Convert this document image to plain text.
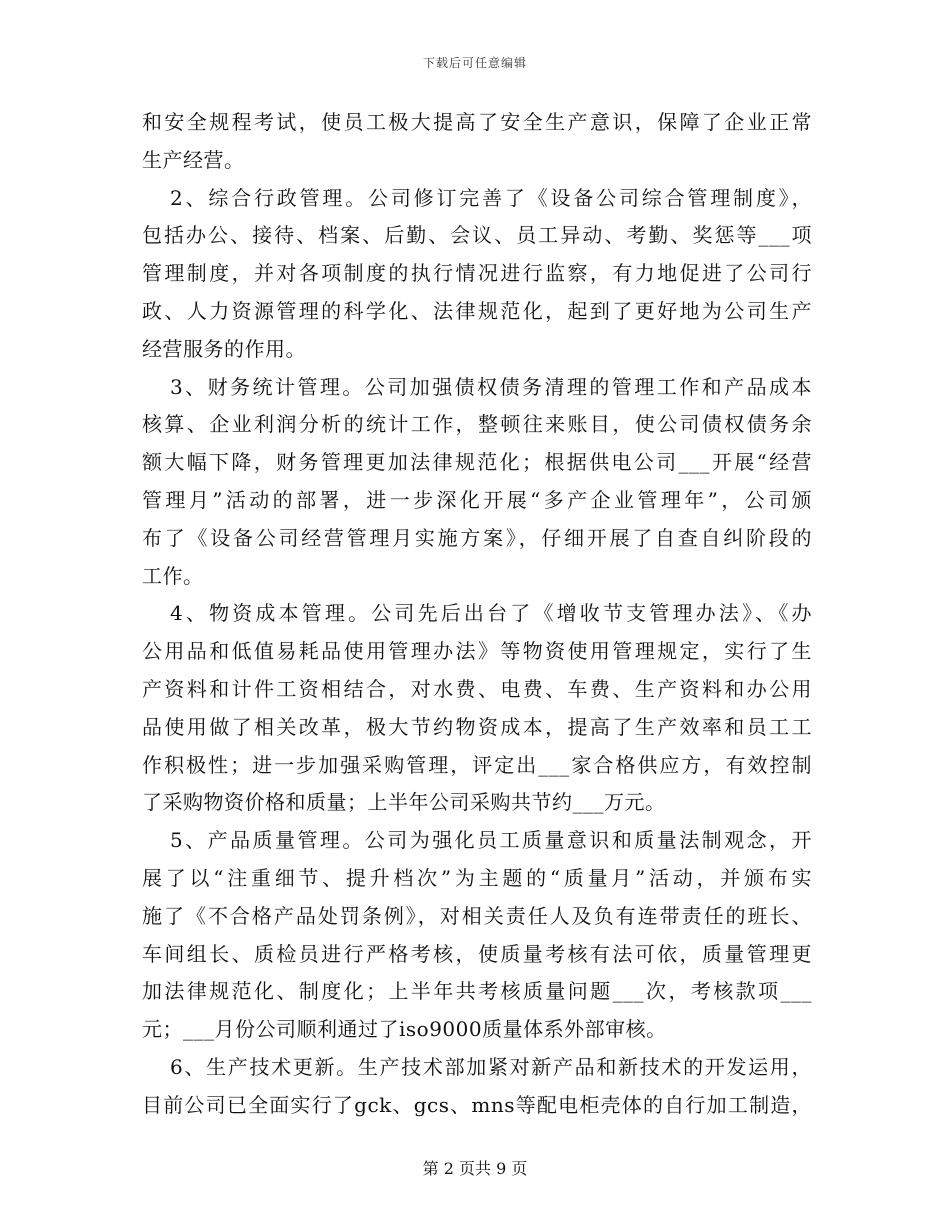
下载后可任意编辑
和安全规程考试，使员工极大提高了安全生产意识，保障了企业正常
生产经营。
2、综合行政管理。公司修订完善了《设备公司综合管理制度》，
包括办公、接待、档案、后勤、会议、员工异动、考勤、奖惩等___项
管理制度，并对各项制度的执行情况进行监察，有力地促进了公司行
政、人力资源管理的科学化、法律规范化，起到了更好地为公司生产
经营服务的作用。
3、财务统计管理。公司加强债权债务清理的管理工作和产品成本
核算、企业利润分析的统计工作，整顿往来账目，使公司债权债务余
额大幅下降，财务管理更加法律规范化；根据供电公司___开展“经营
管理月”活动的部署，进一步深化开展“多产企业管理年”，公司颁
布了《设备公司经营管理月实施方案》，仔细开展了自查自纠阶段的
工作。
4、物资成本管理。公司先后出台了《增收节支管理办法》、《办
公用品和低值易耗品使用管理办法》等物资使用管理规定，实行了生
产资料和计件工资相结合，对水费、电费、车费、生产资料和办公用
品使用做了相关改革，极大节约物资成本，提高了生产效率和员工工
作积极性；进一步加强采购管理，评定出___家合格供应方，有效控制
了采购物资价格和质量；上半年公司采购共节约___万元。
5、产品质量管理。公司为强化员工质量意识和质量法制观念，开
展了以“注重细节、提升档次”为主题的“质量月”活动，并颁布实
施了《不合格产品处罚条例》，对相关责任人及负有连带责任的班长、
车间组长、质检员进行严格考核，使质量考核有法可依，质量管理更
加法律规范化、制度化；上半年共考核质量问题___次，考核款项___
元；___月份公司顺利通过了iso9000质量体系外部审核。
6、生产技术更新。生产技术部加紧对新产品和新技术的开发运用，
目前公司已全面实行了gck、gcs、mns等配电柜壳体的自行加工制造，
第 2 页共 9 页
